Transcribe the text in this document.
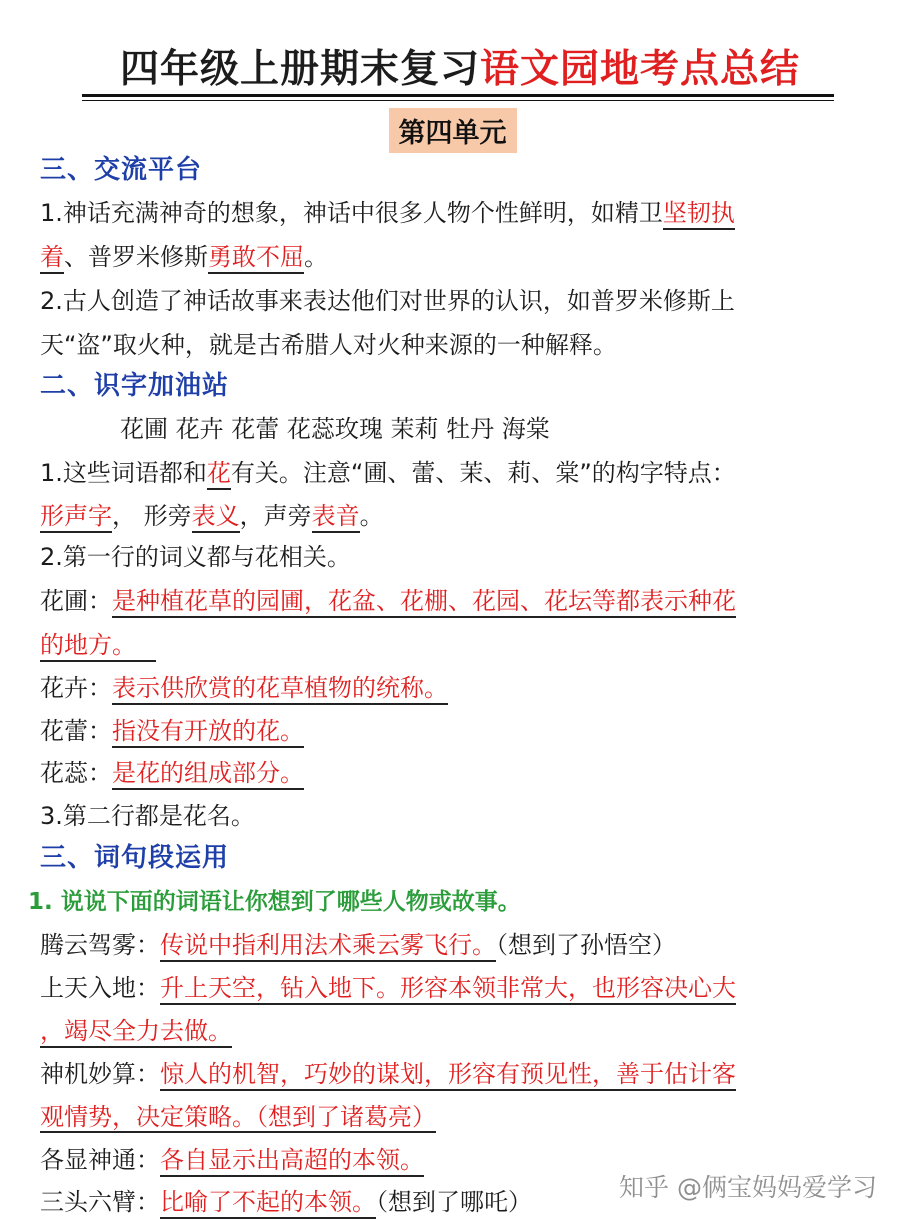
四年级上册期末复习语文园地考点总结
第四单元
三、交流平台
1.神话充满神奇的想象，神话中很多人物个性鲜明，如精卫坚韧执
着、普罗米修斯勇敢不屈。
2.古人创造了神话故事来表达他们对世界的认识，如普罗米修斯上
天“盗”取火种，就是古希腊人对火种来源的一种解释。
二、识字加油站
花圃 花卉 花蕾 花蕊玫瑰 茉莉 牡丹 海棠
1.这些词语都和花有关。注意“圃、蕾、茉、莉、棠”的构字特点：
形声字， 形旁表义，声旁表音。
2.第一行的词义都与花相关。
花圃：是种植花草的园圃，花盆、花棚、花园、花坛等都表示种花
的地方。
花卉：表示供欣赏的花草植物的统称。
花蕾：指没有开放的花。
花蕊：是花的组成部分。
3.第二行都是花名。
三、词句段运用
1. 说说下面的词语让你想到了哪些人物或故事。
腾云驾雾：传说中指利用法术乘云雾飞行。（想到了孙悟空）
上天入地：升上天空，钻入地下。形容本领非常大，也形容决心大
，竭尽全力去做。
神机妙算：惊人的机智，巧妙的谋划，形容有预见性，善于估计客
观情势，决定策略。（想到了诸葛亮）
各显神通：各自显示出高超的本领。
三头六臂：比喻了不起的本领。（想到了哪吒）	知乎 @俩宝妈妈爱学习
